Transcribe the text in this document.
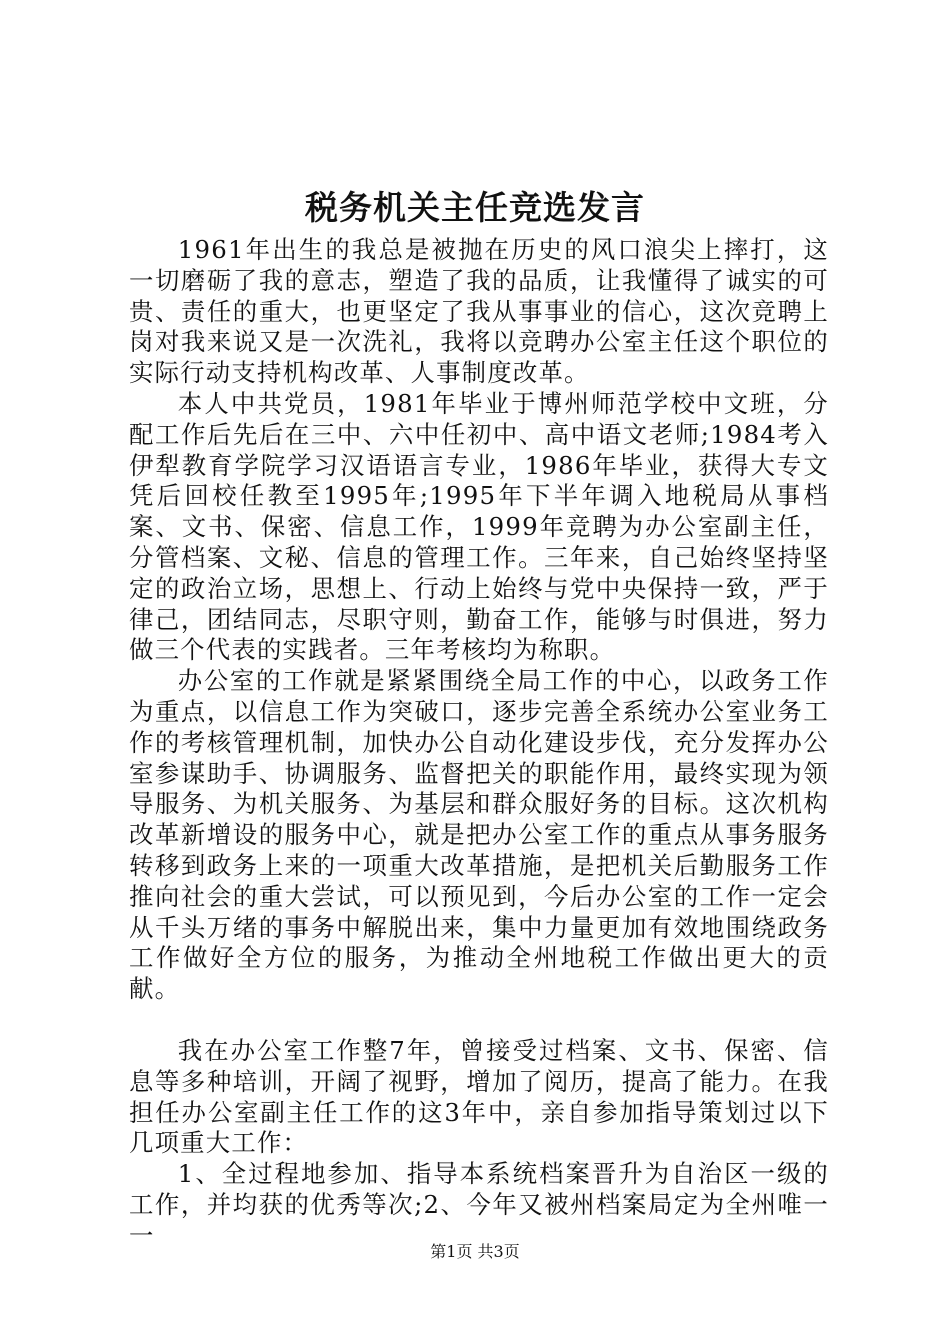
税务机关主任竞选发言

1961年出生的我总是被抛在历史的风口浪尖上摔打，这一切磨砺了我的意志，塑造了我的品质，让我懂得了诚实的可贵、责任的重大，也更坚定了我从事事业的信心，这次竞聘上岗对我来说又是一次洗礼，我将以竞聘办公室主任这个职位的实际行动支持机构改革、人事制度改革。

本人中共党员，1981年毕业于博州师范学校中文班，分配工作后先后在三中、六中任初中、高中语文老师;1984考入伊犁教育学院学习汉语语言专业，1986年毕业，获得大专文凭后回校任教至1995年;1995年下半年调入地税局从事档案、文书、保密、信息工作，1999年竞聘为办公室副主任，分管档案、文秘、信息的管理工作。三年来，自己始终坚持坚定的政治立场，思想上、行动上始终与党中央保持一致，严于律己，团结同志，尽职守则，勤奋工作，能够与时俱进，努力做三个代表的实践者。三年考核均为称职。

办公室的工作就是紧紧围绕全局工作的中心，以政务工作为重点，以信息工作为突破口，逐步完善全系统办公室业务工作的考核管理机制，加快办公自动化建设步伐，充分发挥办公室参谋助手、协调服务、监督把关的职能作用，最终实现为领导服务、为机关服务、为基层和群众服好务的目标。这次机构改革新增设的服务中心，就是把办公室工作的重点从事务服务转移到政务上来的一项重大改革措施，是把机关后勤服务工作推向社会的重大尝试，可以预见到，今后办公室的工作一定会从千头万绪的事务中解脱出来，集中力量更加有效地围绕政务工作做好全方位的服务，为推动全州地税工作做出更大的贡献。

我在办公室工作整7年，曾接受过档案、文书、保密、信息等多种培训，开阔了视野，增加了阅历，提高了能力。在我担任办公室副主任工作的这3年中，亲自参加指导策划过以下几项重大工作：

1、全过程地参加、指导本系统档案晋升为自治区一级的工作，并均获的优秀等次;2、今年又被州档案局定为全州唯一一

第1页 共3页
